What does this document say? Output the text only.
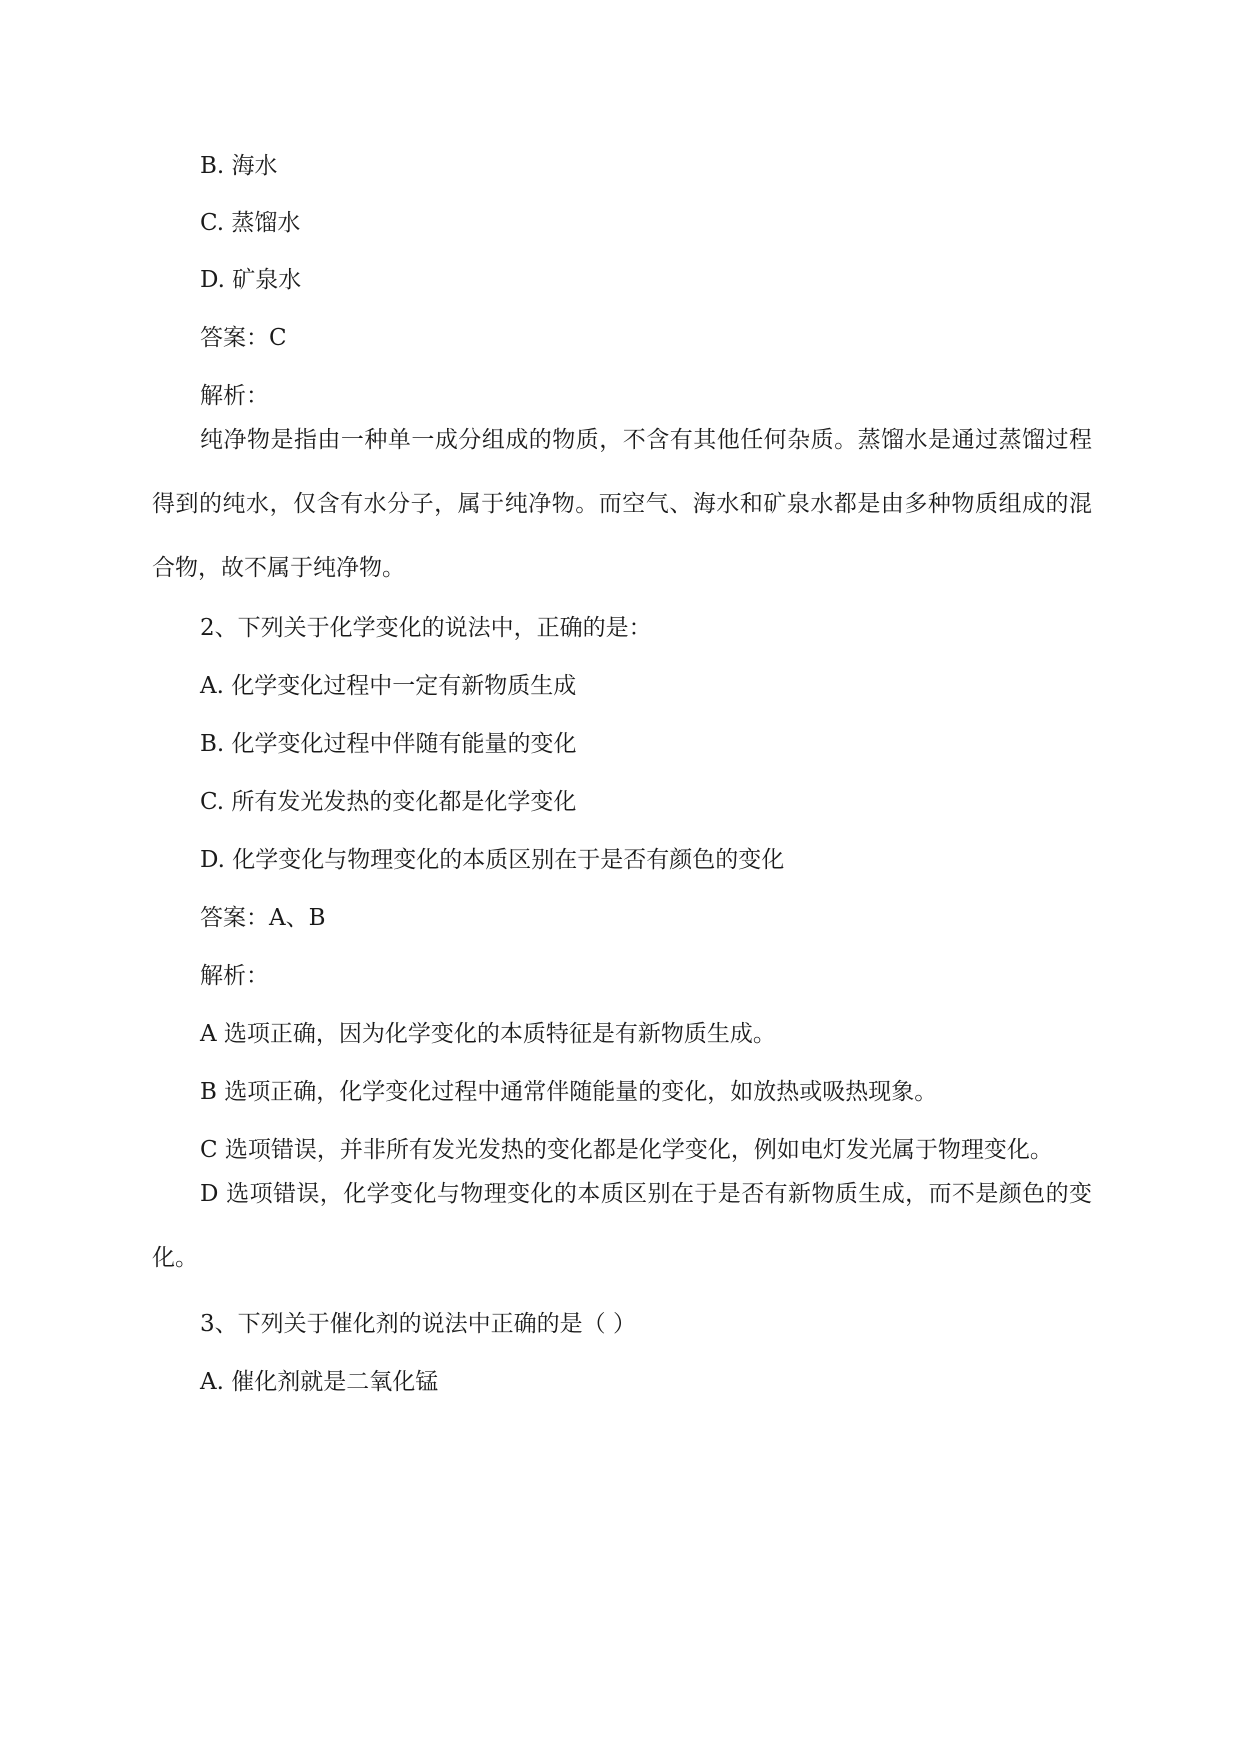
B. 海水
C. 蒸馏水
D. 矿泉水
答案：C
解析：
纯净物是指由一种单一成分组成的物质，不含有其他任何杂质。蒸馏水是通过蒸馏过程得到的纯水，仅含有水分子，属于纯净物。而空气、海水和矿泉水都是由多种物质组成的混合物，故不属于纯净物。
2、下列关于化学变化的说法中，正确的是：
A. 化学变化过程中一定有新物质生成
B. 化学变化过程中伴随有能量的变化
C. 所有发光发热的变化都是化学变化
D. 化学变化与物理变化的本质区别在于是否有颜色的变化
答案：A、B
解析：
A 选项正确，因为化学变化的本质特征是有新物质生成。
B 选项正确，化学变化过程中通常伴随能量的变化，如放热或吸热现象。
C 选项错误，并非所有发光发热的变化都是化学变化，例如电灯发光属于物理变化。
D 选项错误，化学变化与物理变化的本质区别在于是否有新物质生成，而不是颜色的变化。
3、下列关于催化剂的说法中正确的是（ ）
A. 催化剂就是二氧化锰
